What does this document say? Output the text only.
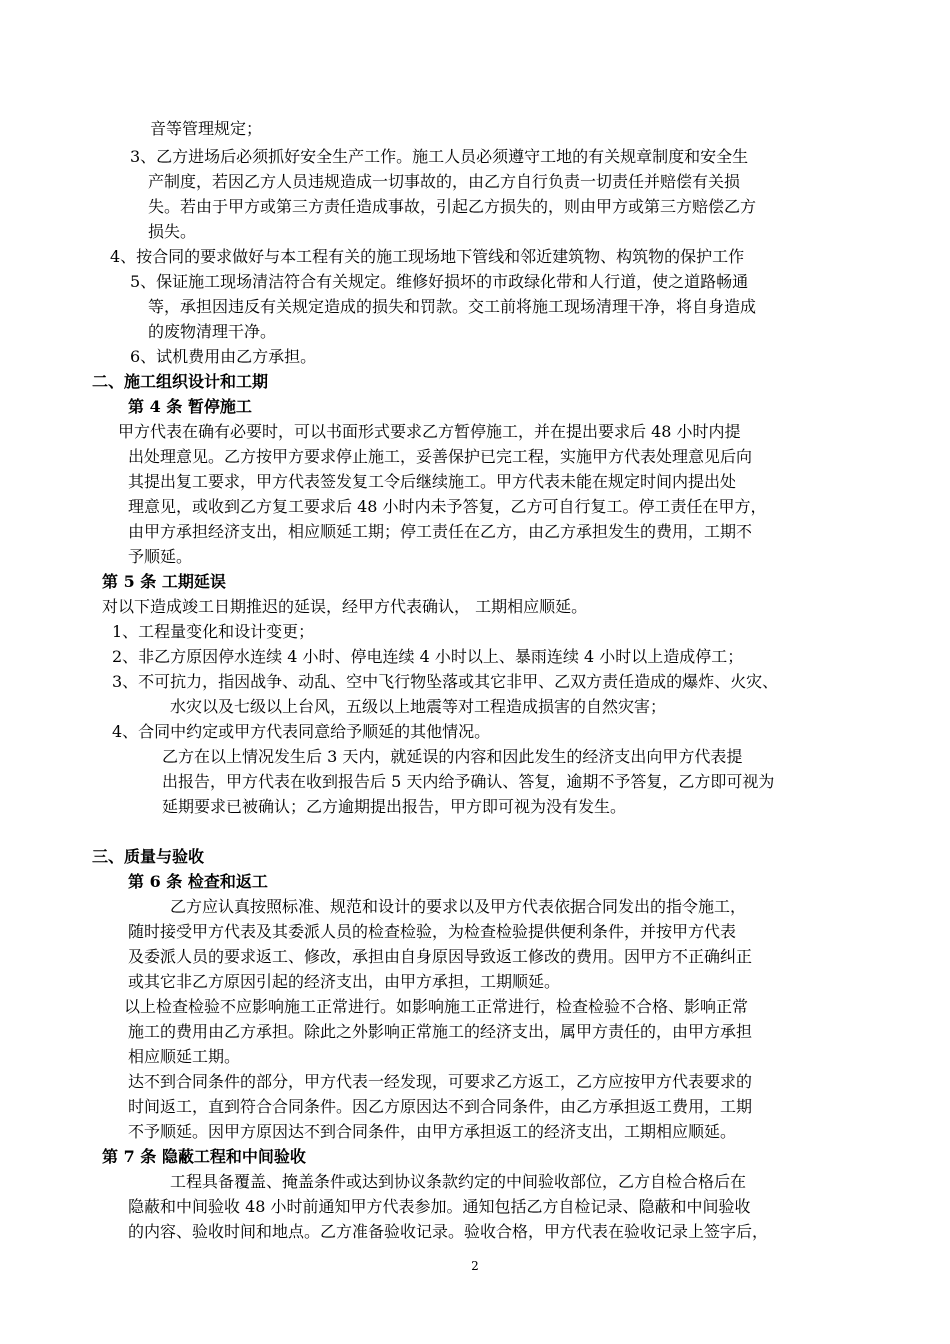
音等管理规定；
3、乙方进场后必须抓好安全生产工作。施工人员必须遵守工地的有关规章制度和安全生
产制度，若因乙方人员违规造成一切事故的，由乙方自行负责一切责任并赔偿有关损
失。若由于甲方或第三方责任造成事故，引起乙方损失的，则由甲方或第三方赔偿乙方
损失。
4、按合同的要求做好与本工程有关的施工现场地下管线和邻近建筑物、构筑物的保护工作
5、保证施工现场清洁符合有关规定。维修好损坏的市政绿化带和人行道，使之道路畅通
等，承担因违反有关规定造成的损失和罚款。交工前将施工现场清理干净，将自身造成
的废物清理干净。
6、试机费用由乙方承担。
二、施工组织设计和工期
第 4 条 暂停施工
甲方代表在确有必要时，可以书面形式要求乙方暂停施工，并在提出要求后 48 小时内提
出处理意见。乙方按甲方要求停止施工，妥善保护已完工程，实施甲方代表处理意见后向
其提出复工要求，甲方代表签发复工令后继续施工。甲方代表未能在规定时间内提出处
理意见，或收到乙方复工要求后 48 小时内未予答复，乙方可自行复工。停工责任在甲方，
由甲方承担经济支出，相应顺延工期；停工责任在乙方，由乙方承担发生的费用，工期不
予顺延。
第 5 条 工期延误
对以下造成竣工日期推迟的延误，经甲方代表确认， 工期相应顺延。
1、工程量变化和设计变更；
2、非乙方原因停水连续 4 小时、停电连续 4 小时以上、暴雨连续 4 小时以上造成停工；
3、不可抗力，指因战争、动乱、空中飞行物坠落或其它非甲、乙双方责任造成的爆炸、火灾、
水灾以及七级以上台风，五级以上地震等对工程造成损害的自然灾害；
4、合同中约定或甲方代表同意给予顺延的其他情况。
乙方在以上情况发生后 3 天内，就延误的内容和因此发生的经济支出向甲方代表提
出报告，甲方代表在收到报告后 5 天内给予确认、答复，逾期不予答复，乙方即可视为
延期要求已被确认；乙方逾期提出报告，甲方即可视为没有发生。
三、质量与验收
第 6 条 检查和返工
乙方应认真按照标准、规范和设计的要求以及甲方代表依据合同发出的指令施工，
随时接受甲方代表及其委派人员的检查检验，为检查检验提供便利条件，并按甲方代表
及委派人员的要求返工、修改，承担由自身原因导致返工修改的费用。因甲方不正确纠正
或其它非乙方原因引起的经济支出，由甲方承担，工期顺延。
以上检查检验不应影响施工正常进行。如影响施工正常进行，检查检验不合格、影响正常
施工的费用由乙方承担。除此之外影响正常施工的经济支出，属甲方责任的，由甲方承担
相应顺延工期。
达不到合同条件的部分，甲方代表一经发现，可要求乙方返工，乙方应按甲方代表要求的
时间返工，直到符合合同条件。因乙方原因达不到合同条件，由乙方承担返工费用，工期
不予顺延。因甲方原因达不到合同条件，由甲方承担返工的经济支出，工期相应顺延。
第 7 条 隐蔽工程和中间验收
工程具备覆盖、掩盖条件或达到协议条款约定的中间验收部位，乙方自检合格后在
隐蔽和中间验收 48 小时前通知甲方代表参加。通知包括乙方自检记录、隐蔽和中间验收
的内容、验收时间和地点。乙方准备验收记录。验收合格，甲方代表在验收记录上签字后，
2
